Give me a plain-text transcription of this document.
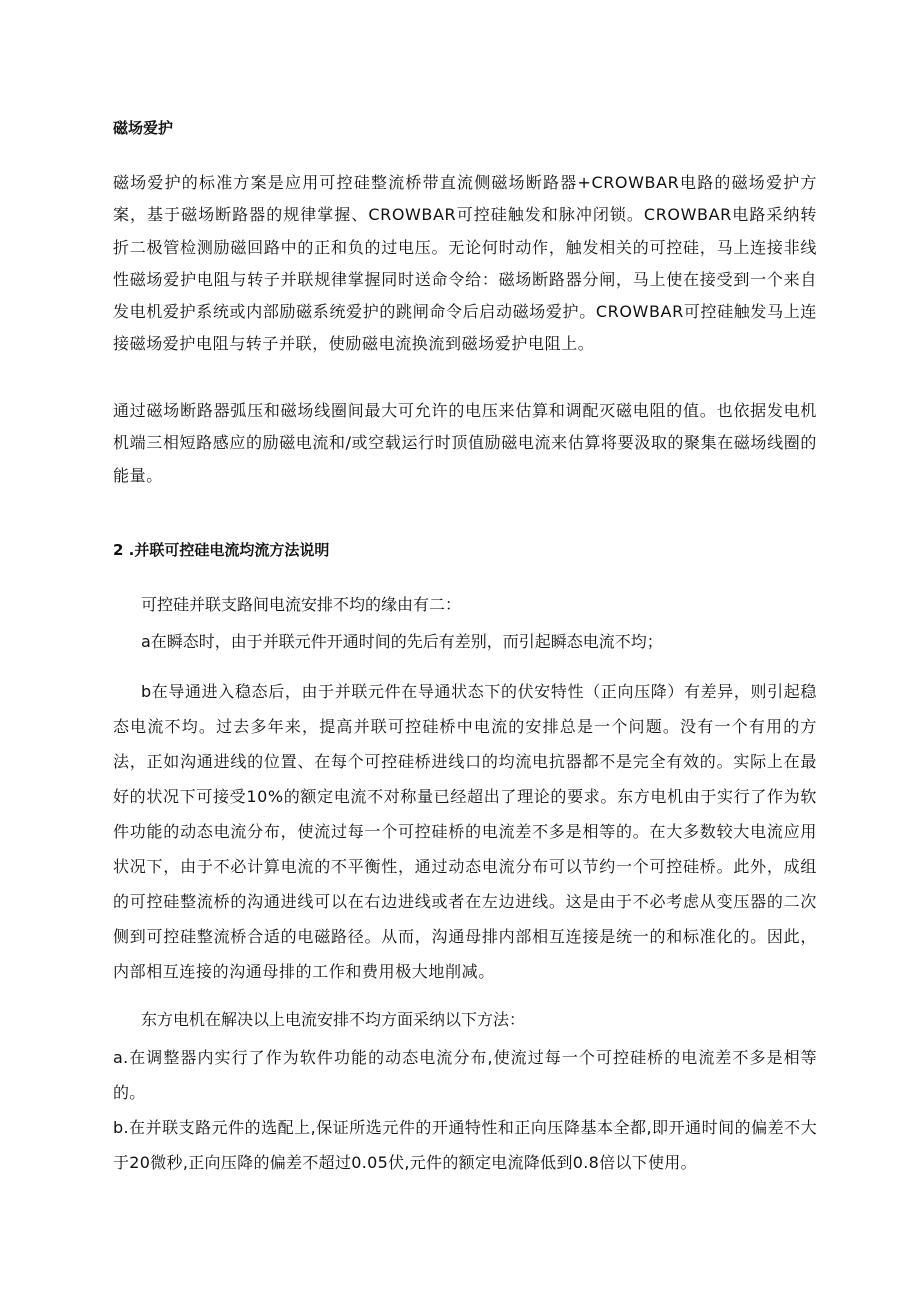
磁场爱护

磁场爱护的标准方案是应用可控硅整流桥带直流侧磁场断路器+CROWBAR电路的磁场爱护方案，基于磁场断路器的规律掌握、CROWBAR可控硅触发和脉冲闭锁。CROWBAR电路采纳转折二极管检测励磁回路中的正和负的过电压。无论何时动作，触发相关的可控硅，马上连接非线性磁场爱护电阻与转子并联规律掌握同时送命令给：磁场断路器分闸，马上使在接受到一个来自发电机爱护系统或内部励磁系统爱护的跳闸命令后启动磁场爱护。CROWBAR可控硅触发马上连接磁场爱护电阻与转子并联，使励磁电流换流到磁场爱护电阻上。

通过磁场断路器弧压和磁场线圈间最大可允许的电压来估算和调配灭磁电阻的值。也依据发电机机端三相短路感应的励磁电流和/或空载运行时顶值励磁电流来估算将要汲取的聚集在磁场线圈的能量。

2 .并联可控硅电流均流方法说明
可控硅并联支路间电流安排不均的缘由有二：
a在瞬态时，由于并联元件开通时间的先后有差别，而引起瞬态电流不均；

b在导通进入稳态后，由于并联元件在导通状态下的伏安特性（正向压降）有差异，则引起稳态电流不均。过去多年来，提高并联可控硅桥中电流的安排总是一个问题。没有一个有用的方法，正如沟通进线的位置、在每个可控硅桥进线口的均流电抗器都不是完全有效的。实际上在最好的状况下可接受10%的额定电流不对称量已经超出了理论的要求。东方电机由于实行了作为软件功能的动态电流分布，使流过每一个可控硅桥的电流差不多是相等的。在大多数较大电流应用状况下，由于不必计算电流的不平衡性，通过动态电流分布可以节约一个可控硅桥。此外，成组的可控硅整流桥的沟通进线可以在右边进线或者在左边进线。这是由于不必考虑从变压器的二次侧到可控硅整流桥合适的电磁路径。从而，沟通母排内部相互连接是统一的和标准化的。因此，内部相互连接的沟通母排的工作和费用极大地削减。

东方电机在解决以上电流安排不均方面采纳以下方法：

a.在调整器内实行了作为软件功能的动态电流分布,使流过每一个可控硅桥的电流差不多是相等的。

b.在并联支路元件的选配上,保证所选元件的开通特性和正向压降基本全都,即开通时间的偏差不大于20微秒,正向压降的偏差不超过0.05伏,元件的额定电流降低到0.8倍以下使用。
